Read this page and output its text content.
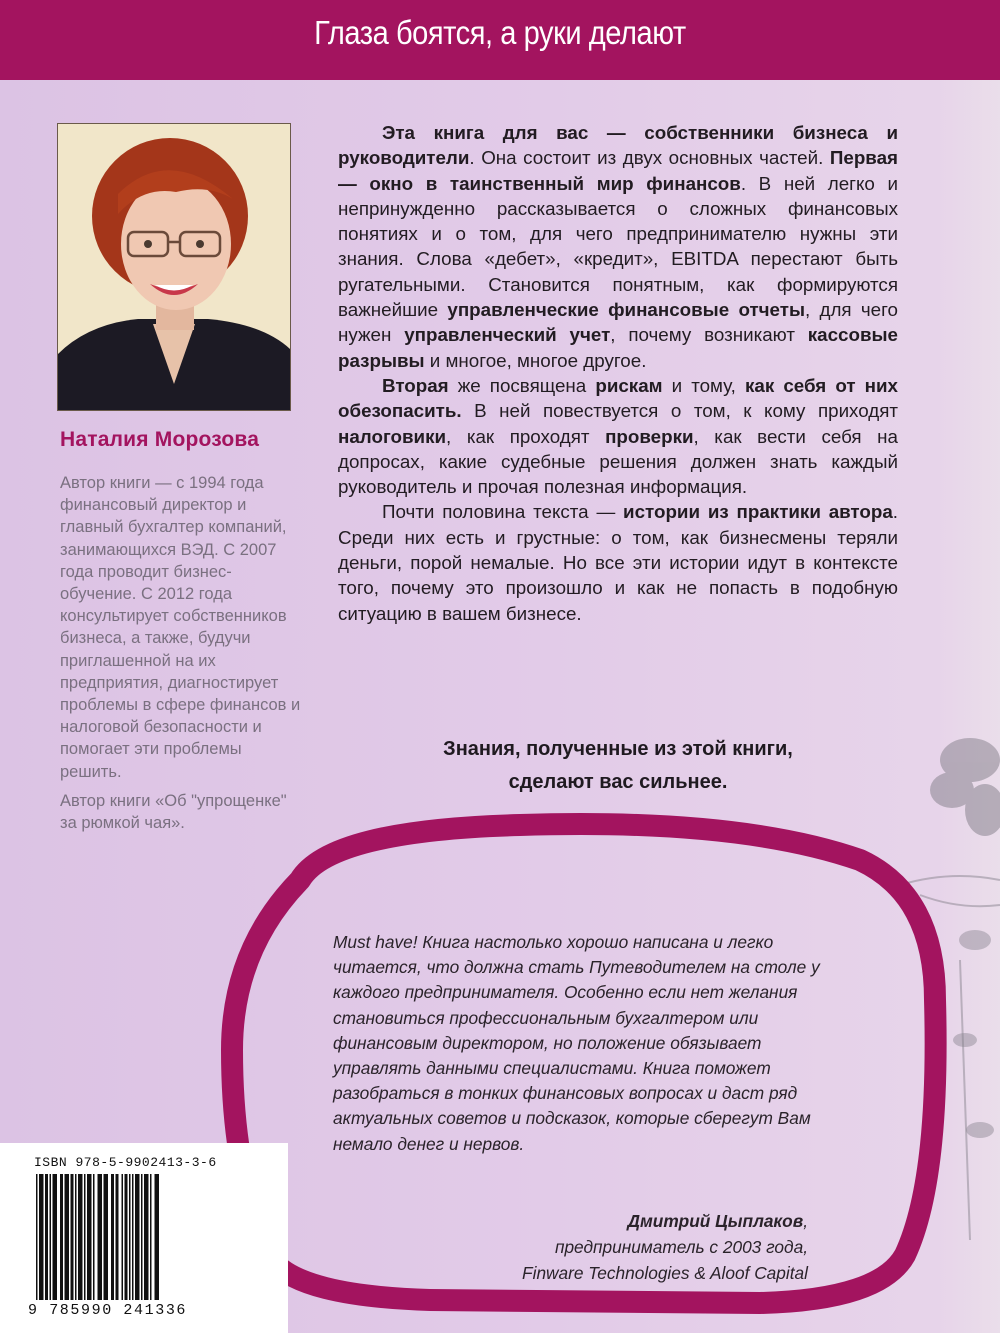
Глаза боятся, а руки делают
Наталия Морозова

Автор книги — с 1994 года финансовый директор и главный бухгалтер компаний, занимающихся ВЭД. С 2007 года проводит бизнес-обучение. С 2012 года консультирует собственников бизнеса, а также, будучи приглашенной на их предприятия, диагностирует проблемы в сфере финансов и налоговой безопасности и помогает эти проблемы решить.

Автор книги «Об "упрощенке" за рюмкой чая».

Эта книга для вас — собственники бизнеса и руководители. Она состоит из двух основных частей. Первая — окно в таинственный мир финансов. В ней легко и непринужденно рассказывается о сложных финансовых понятиях и о том, для чего предпринимателю нужны эти знания. Слова «дебет», «кредит», EBITDA перестают быть ругательными. Становится понятным, как формируются важнейшие управленческие финансовые отчеты, для чего нужен управленческий учет, почему возникают кассовые разрывы и многое, многое другое.

Вторая же посвящена рискам и тому, как себя от них обезопасить. В ней повествуется о том, к кому приходят налоговики, как проходят проверки, как вести себя на допросах, какие судебные решения должен знать каждый руководитель и прочая полезная информация.

Почти половина текста — истории из практики автора. Среди них есть и грустные: о том, как бизнесмены теряли деньги, порой немалые. Но все эти истории идут в контексте того, почему это произошло и как не попасть в подобную ситуацию в вашем бизнесе.

Знания, полученные из этой книги,
сделают вас сильнее.
Must have! Книга настолько хорошо написана и легко читается, что должна стать Путеводителем на столе у каждого предпринимателя. Особенно если нет желания становиться профессиональным бухгалтером или финансовым директором, но положение обязывает управлять данными специалистами. Книга поможет разобраться в тонких финансовых вопросах и даст ряд актуальных советов и подсказок, которые сберегут Вам немало денег и нервов.
Дмитрий Цыплаков,
предприниматель с 2003 года,
Finware Technologies & Aloof Capital
ISBN 978-5-9902413-3-6
9 785990 241336
